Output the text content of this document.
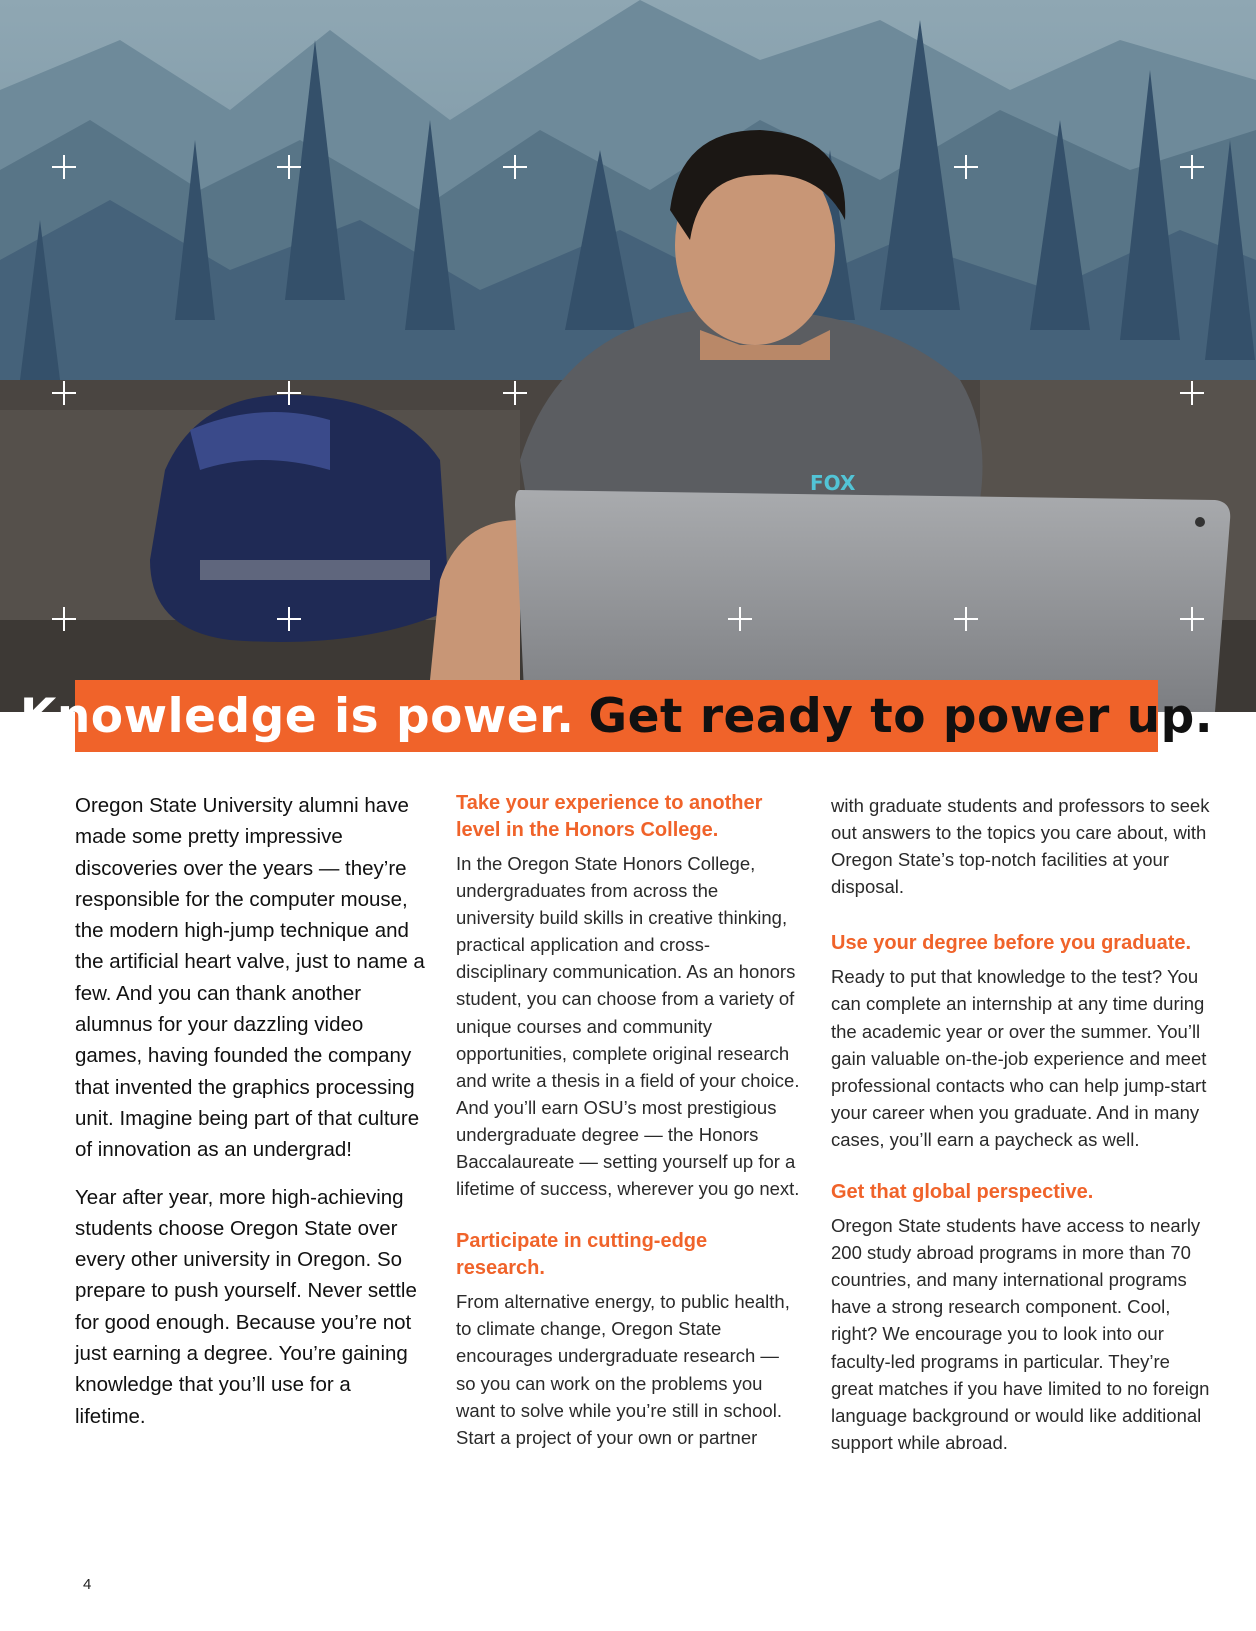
FOX
Knowledge is power. Get ready to power up.

Oregon State University alumni have made some pretty impressive discoveries over the years — they’re responsible for the computer mouse, the modern high-jump technique and the artificial heart valve, just to name a few. And you can thank another alumnus for your dazzling video games, having founded the company that invented the graphics processing unit. Imagine being part of that culture of innovation as an undergrad!

Year after year, more high-achieving students choose Oregon State over every other university in Oregon. So prepare to push yourself. Never settle for good enough. Because you’re not just earning a degree. You’re gaining knowledge that you’ll use for a lifetime.

Take your experience to another level in the Honors College.

In the Oregon State Honors College, undergraduates from across the university build skills in creative thinking, practical application and cross-disciplinary communication. As an honors student, you can choose from a variety of unique courses and community opportunities, complete original research and write a thesis in a field of your choice. And you’ll earn OSU’s most prestigious undergraduate degree — the Honors Baccalaureate — setting yourself up for a lifetime of success, wherever you go next.

Participate in cutting-edge research.

From alternative energy, to public health, to climate change, Oregon State encourages undergraduate research — so you can work on the problems you want to solve while you’re still in school. Start a project of your own or partner

with graduate students and professors to seek out answers to the topics you care about, with Oregon State’s top-notch facilities at your disposal.

Use your degree before you graduate.

Ready to put that knowledge to the test? You can complete an internship at any time during the academic year or over the summer. You’ll gain valuable on-the-job experience and meet professional contacts who can help jump-start your career when you graduate. And in many cases, you’ll earn a paycheck as well.

Get that global perspective.

Oregon State students have access to nearly 200 study abroad programs in more than 70 countries, and many international programs have a strong research component. Cool, right? We encourage you to look into our faculty-led programs in particular. They’re great matches if you have limited to no foreign language background or would like additional support while abroad.

4
